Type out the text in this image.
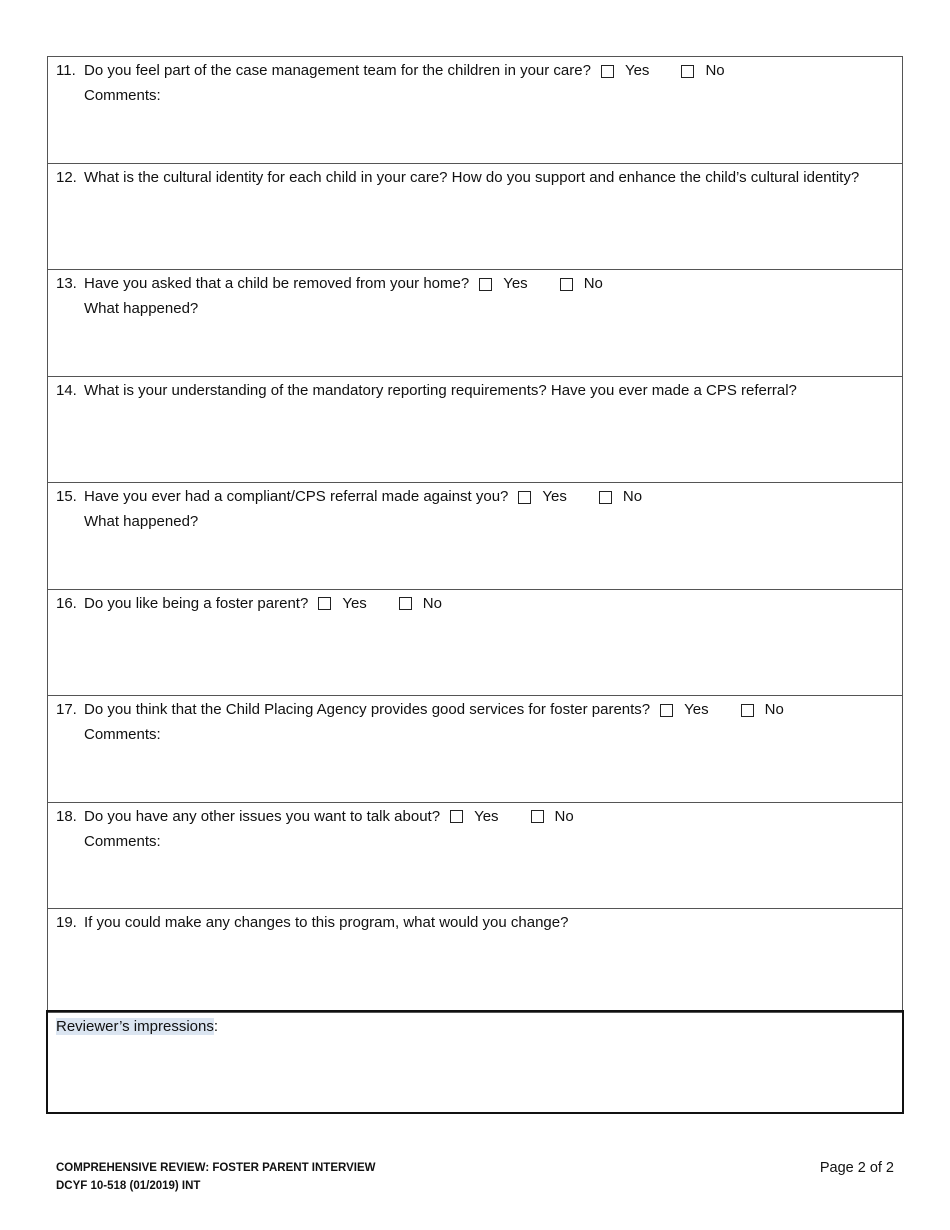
11. Do you feel part of the case management team for the children in your care? Yes	No
Comments:
12. What is the cultural identity for each child in your care? How do you support and enhance the child’s cultural identity?
13. Have you asked that a child be removed from your home? Yes	No
What happened?
14. What is your understanding of the mandatory reporting requirements? Have you ever made a CPS referral?
15. Have you ever had a compliant/CPS referral made against you? Yes	No
What happened?
16. Do you like being a foster parent? Yes	No
17. Do you think that the Child Placing Agency provides good services for foster parents? Yes	No
Comments:
18. Do you have any other issues you want to talk about? Yes	No
Comments:
19. If you could make any changes to this program, what would you change?
Reviewer’s impressions:
COMPREHENSIVE REVIEW: FOSTER PARENT INTERVIEW
DCYF 10-518 (01/2019) INT
Page 2 of 2
